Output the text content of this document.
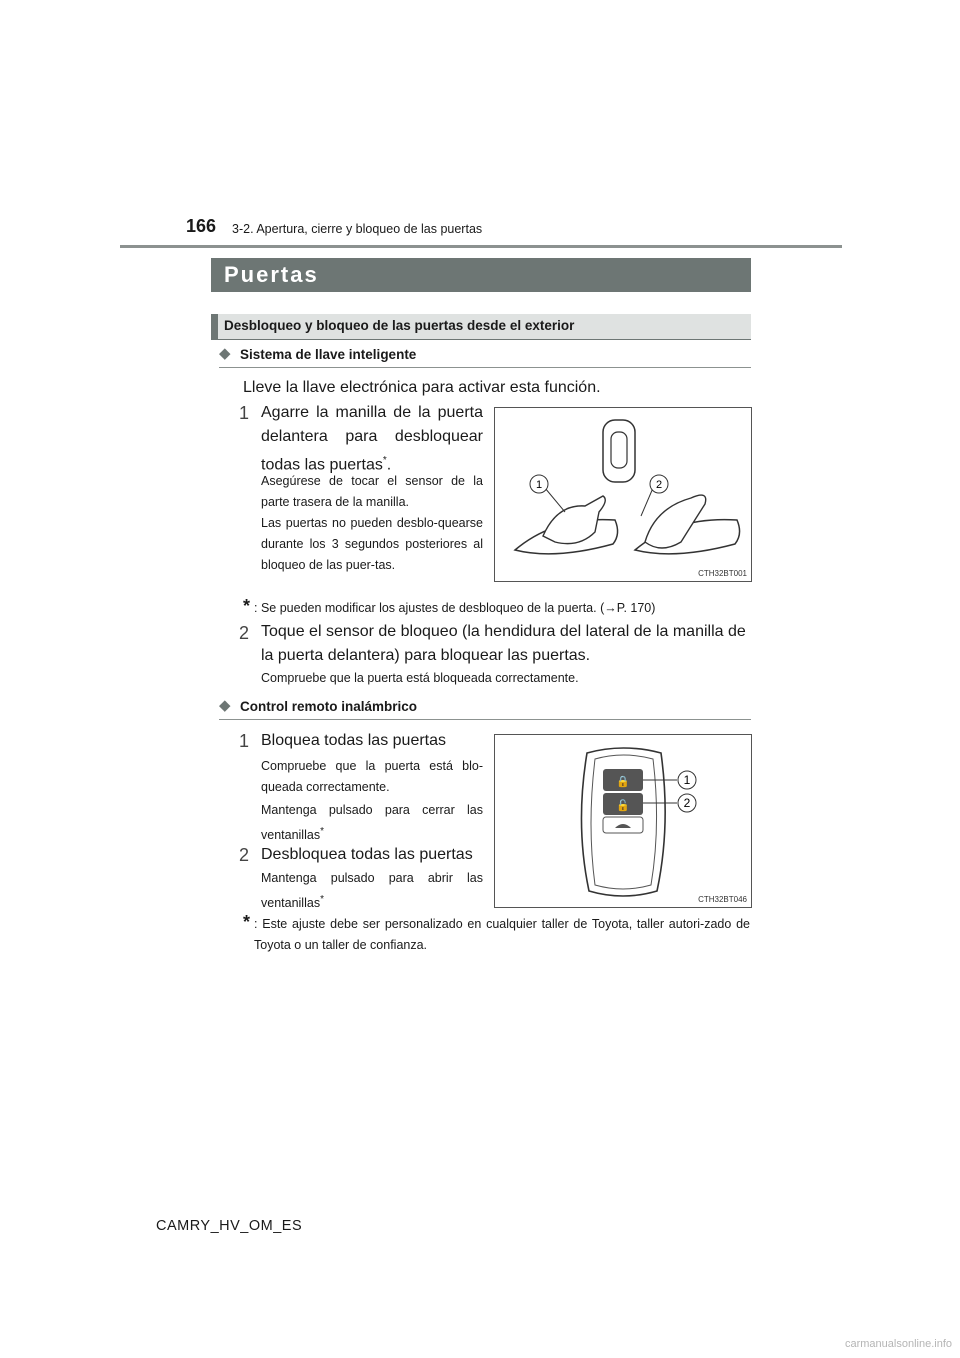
166 3-2. Apertura, cierre y bloqueo de las puertas
Puertas
Desbloqueo y bloqueo de las puertas desde el exterior
◆ Sistema de llave inteligente
Lleve la llave electrónica para activar esta función.
1 Agarre la manilla de la puerta delantera para desbloquear todas las puertas*.
Asegúrese de tocar el sensor de la parte trasera de la manilla.
Las puertas no pueden desblo-quearse durante los 3 segundos posteriores al bloqueo de las puer-tas.
1	2
CTH32BT001
* : Se pueden modificar los ajustes de desbloqueo de la puerta. (→P. 170)
2 Toque el sensor de bloqueo (la hendidura del lateral de la manilla de la puerta delantera) para bloquear las puertas.
Compruebe que la puerta está bloqueada correctamente.
◆ Control remoto inalámbrico
1 Bloquea todas las puertas
Compruebe que la puerta está blo-queada correctamente.
Mantenga pulsado para cerrar las ventanillas*
2 Desbloquea todas las puertas
Mantenga pulsado para abrir las ventanillas*
🔒
🔓
1
2
CTH32BT046
* : Este ajuste debe ser personalizado en cualquier taller de Toyota, taller autori-zado de Toyota o un taller de confianza.
CAMRY_HV_OM_ES
carmanualsonline.info
